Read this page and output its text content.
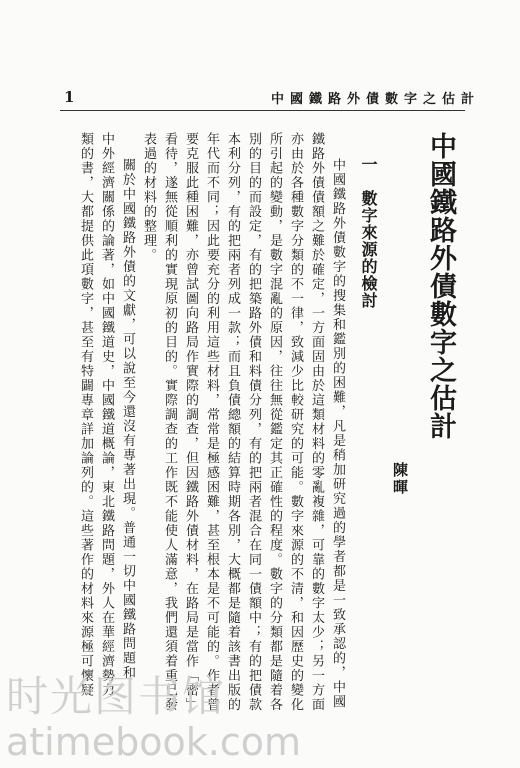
1	中國鐵路外債數字之估計
中國鐵路外債數字之估計
陳暉
一　數字來源的檢討
中國鐵路外債數字的搜集和鑑別的困難，凡是稍加研究過的學者都是一致承認的，中國
鐵路外債債額之難於確定，一方面固由於這類材料的零亂複雜，可靠的數字太少；另一方面
亦由於各種數字分類的不一律，致減少比較研究的可能。數字來源的不清，和因歷史的變化
所引起的變動，是數字混亂的原因，往往無從鑑定其正確性的程度。數字的分類都是隨着各
別的目的而設定，有的把築路外債和料債分列，有的把兩者混合在同一債額中；有的把債款
本利分列，有的把兩者列成一款；而且負債總額的結算時期各別，大概都是隨着該書出版的
年代而不同；因此要充分的利用這些材料，常常是極感困難，甚至根本是不可能的。作者曾
要克服此種困難，亦曾試圖向路局作實際的調查，但因鐵路外債材料，在路局是當作「密」
看待，遂無從順利的實現原初的目的。實際調查的工作既不能使人滿意，我們還須着重已發
表過的材料的整理。
關於中國鐵路外債的文獻，可以說至今還沒有專著出現。普通一切中國鐵路問題和
中外經濟關係的論著，如中國鐵道史，中國鐵道概論，東北鐵路問題，外人在華經濟勢力
類的書，大都提供此項數字，甚至有特闢專章詳加論列的。這些著作的材料來源極可懷疑
时光图书馆
atimebook.com
